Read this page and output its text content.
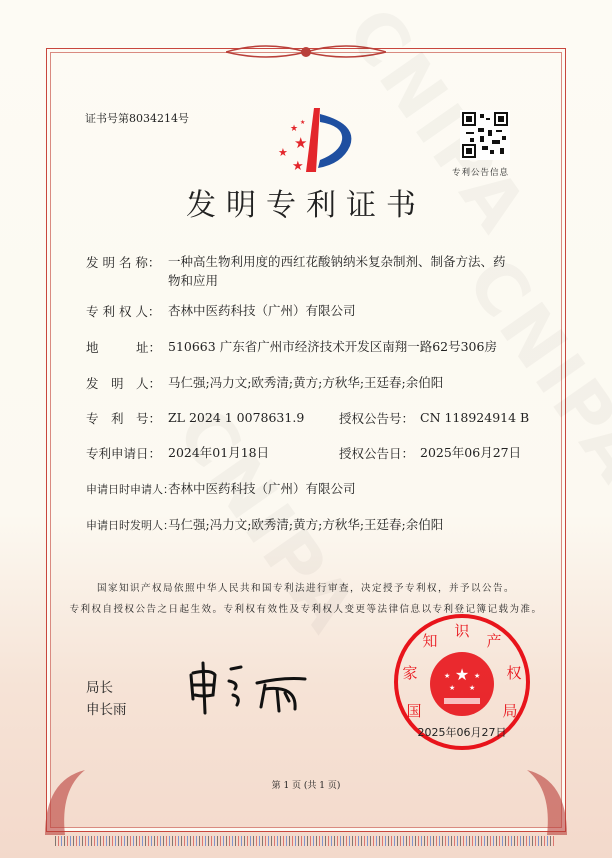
证书号第8034214号
★
★
★
★
★
专利公告信息
发明专利证书
发 明 名 称： 一种高生物利用度的西红花酸钠纳米复杂制剂、制备方法、药
物和应用
专 利 权 人： 杏林中医药科技（广州）有限公司
地　　　址： 510663 广东省广州市经济技术开发区南翔一路62号306房
发　明　人： 马仁强;冯力文;欧秀清;黄方;方秋华;王廷春;余伯阳
专　利　号： ZL 2024 1 0078631.9	授权公告号： CN 118924914 B
专利申请日： 2024年01月18日	授权公告日： 2025年06月27日
申请日时申请人：
杏林中医药科技（广州）有限公司
申请日时发明人：
马仁强;冯力文;欧秀清;黄方;方秋华;王廷春;余伯阳
国家知识产权局依照中华人民共和国专利法进行审查，决定授予专利权，并予以公告。
专利权自授权公告之日起生效。专利权有效性及专利权人变更等法律信息以专利登记簿记载为准。
局长
申长雨
★
★	★
★ ★
国
家
知
识
产
权
局
2025年06月27日
第 1 页 (共 1 页)
